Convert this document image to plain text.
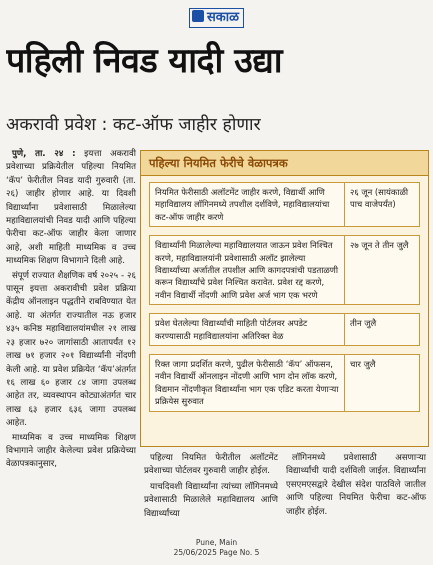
सकाळ
पहिली निवड यादी उद्या
अकरावी प्रवेश : कट-ऑफ जाहीर होणार

पुणे, ता. २४ : इयत्ता अकरावी प्रवेशाच्या प्रक्रियेतील पहिल्या नियमित ‘कॅप’ फेरीतील निवड यादी गुरुवारी (ता. २६) जाहीर होणार आहे. या दिवशी विद्यार्थ्यांना प्रवेशासाठी मिळालेल्या महाविद्यालयांची निवड यादी आणि पहिल्या फेरीचा कट-ऑफ जाहीर केला जाणार आहे, अशी माहिती माध्यमिक व उच्च माध्यमिक शिक्षण विभागाने दिली आहे.

संपूर्ण राज्यात शैक्षणिक वर्ष २०२५ - २६ पासून इयत्ता अकरावीची प्रवेश प्रक्रिया केंद्रीय ऑनलाइन पद्धतीने राबविण्यात येत आहे. या अंतर्गत राज्यातील नऊ हजार ४३५ कनिष्ठ महाविद्यालयांमधील २१ लाख २३ हजार ७२० जागांसाठी आतापर्यंत १२ लाख ७१ हजार २०१ विद्यार्थ्यांनी नोंदणी केली आहे. या प्रवेश प्रक्रियेत ‘कॅप’अंतर्गत १६ लाख ६० हजार ८४ जागा उपलब्ध आहेत तर, व्यवस्थापन कोट्याअंतर्गत चार लाख ६३ हजार ६३६ जागा उपलब्ध आहेत.

माध्यमिक व उच्च माध्यमिक शिक्षण विभागाने जाहीर केलेल्या प्रवेश प्रक्रियेच्या वेळापत्रकानुसार,

पहिल्या नियमित फेरीचे वेळापत्रक
नियमित फेरीसाठी अलॉटमेंट जाहीर करणे, विद्यार्थी आणि महाविद्यालय लॉगिनमध्ये तपशील दर्शविणे, महाविद्यालयांचा कट-ऑफ जाहीर करणे
२६ जून (सायंकाळी पाच वाजेपर्यंत)
विद्यार्थ्यांनी मिळालेल्या महाविद्यालयात जाऊन प्रवेश निश्चित करणे, महाविद्यालयांनी प्रवेशासाठी अलॉट झालेल्या विद्यार्थ्यांच्या अर्जातील तपशील आणि कागदपत्रांची पडताळणी करून विद्यार्थ्यांचे प्रवेश निश्चित करावेत. प्रवेश रद्द करणे, नवीन विद्यार्थी नोंदणी आणि प्रवेश अर्ज भाग एक भरणे
२७ जून ते तीन जुलै
प्रवेश घेतलेल्या विद्यार्थ्यांची माहिती पोर्टलवर अपडेट करण्यासाठी महाविद्यालयांना अतिरिक्त वेळ
तीन जुलै
रिक्त जागा प्रदर्शित करणे, पुढील फेरीसाठी ‘कॅप’ ऑफसन, नवीन विद्यार्थी ऑनलाइन नोंदणी आणि भाग दोन लॉक करणे, विद्यमान नोंदणीकृत विद्यार्थ्यांना भाग एक एडिट करता येणाऱ्या प्रक्रियेस सुरुवात
चार जुलै

पहिल्या नियमित फेरीतील अलॉटमेंट प्रवेशाच्या पोर्टलवर गुरुवारी जाहीर होईल.

याचदिवशी विद्यार्थ्यांना त्यांच्या लॉगिनमध्ये प्रवेशासाठी मिळालेले महाविद्यालय आणि विद्यार्थ्यांच्या

लॉगिनमध्ये प्रवेशासाठी असणाऱ्या विद्यार्थ्यांची यादी दर्शविली जाईल. विद्यार्थ्यांना एसएमएसद्वारे देखील संदेश पाठविले जातील आणि पहिल्या नियमित फेरीचा कट-ऑफ जाहीर होईल.

Pune, Main
25/06/2025 Page No. 5
